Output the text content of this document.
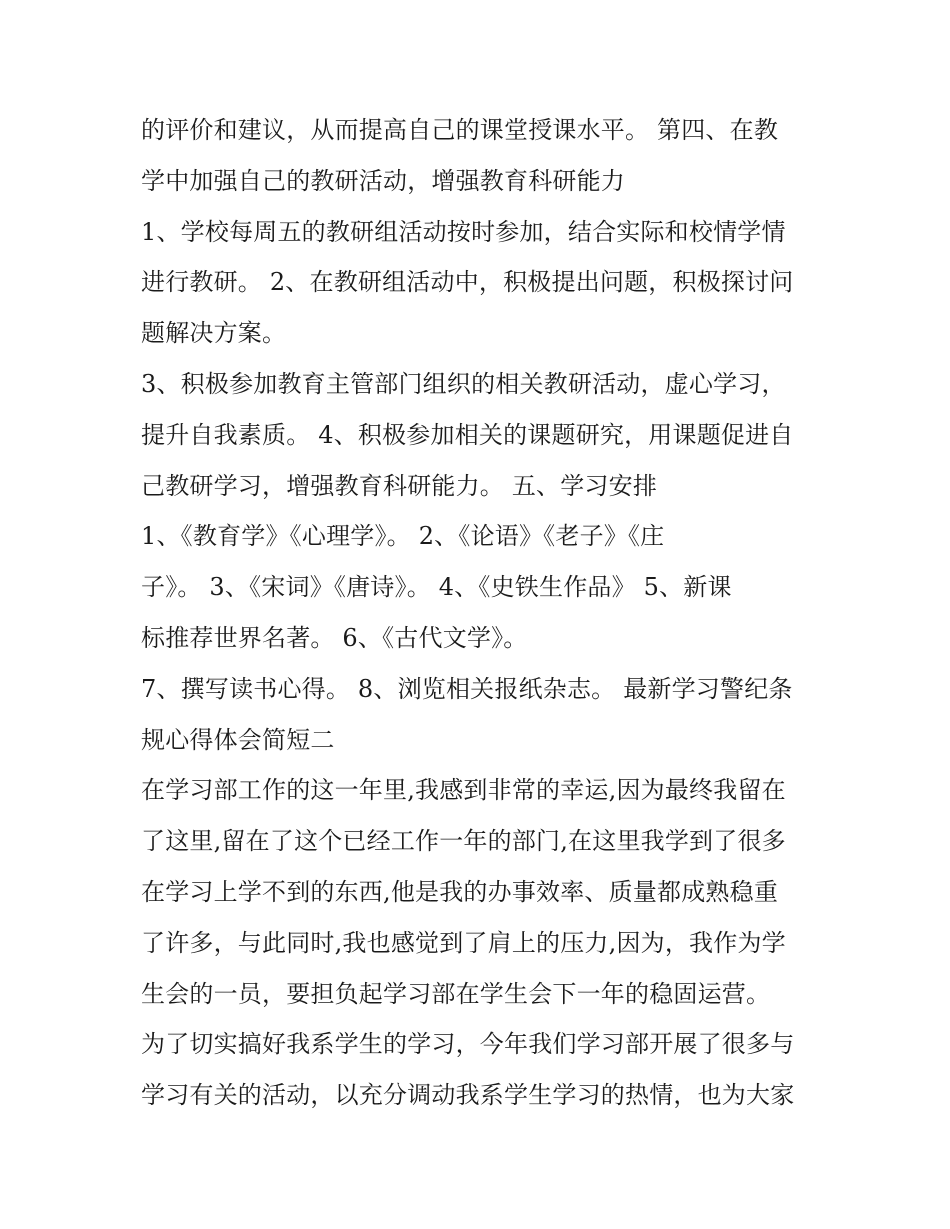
的评价和建议，从而提高自己的课堂授课水平。 第四、在教
学中加强自己的教研活动，增强教育科研能力
1、学校每周五的教研组活动按时参加，结合实际和校情学情
进行教研。 2、在教研组活动中，积极提出问题，积极探讨问
题解决方案。
3、积极参加教育主管部门组织的相关教研活动，虚心学习，
提升自我素质。 4、积极参加相关的课题研究，用课题促进自
己教研学习，增强教育科研能力。 五、学习安排
1、《教育学》《心理学》。 2、《论语》《老子》《庄
子》。 3、《宋词》《唐诗》。 4、《史铁生作品》 5、新课
标推荐世界名著。 6、《古代文学》。
7、撰写读书心得。 8、浏览相关报纸杂志。 最新学习警纪条
规心得体会简短二
在学习部工作的这一年里,我感到非常的幸运,因为最终我留在
了这里,留在了这个已经工作一年的部门,在这里我学到了很多
在学习上学不到的东西,他是我的办事效率、质量都成熟稳重
了许多，与此同时,我也感觉到了肩上的压力,因为，我作为学
生会的一员，要担负起学习部在学生会下一年的稳固运营。
为了切实搞好我系学生的学习，今年我们学习部开展了很多与
学习有关的活动，以充分调动我系学生学习的热情，也为大家
